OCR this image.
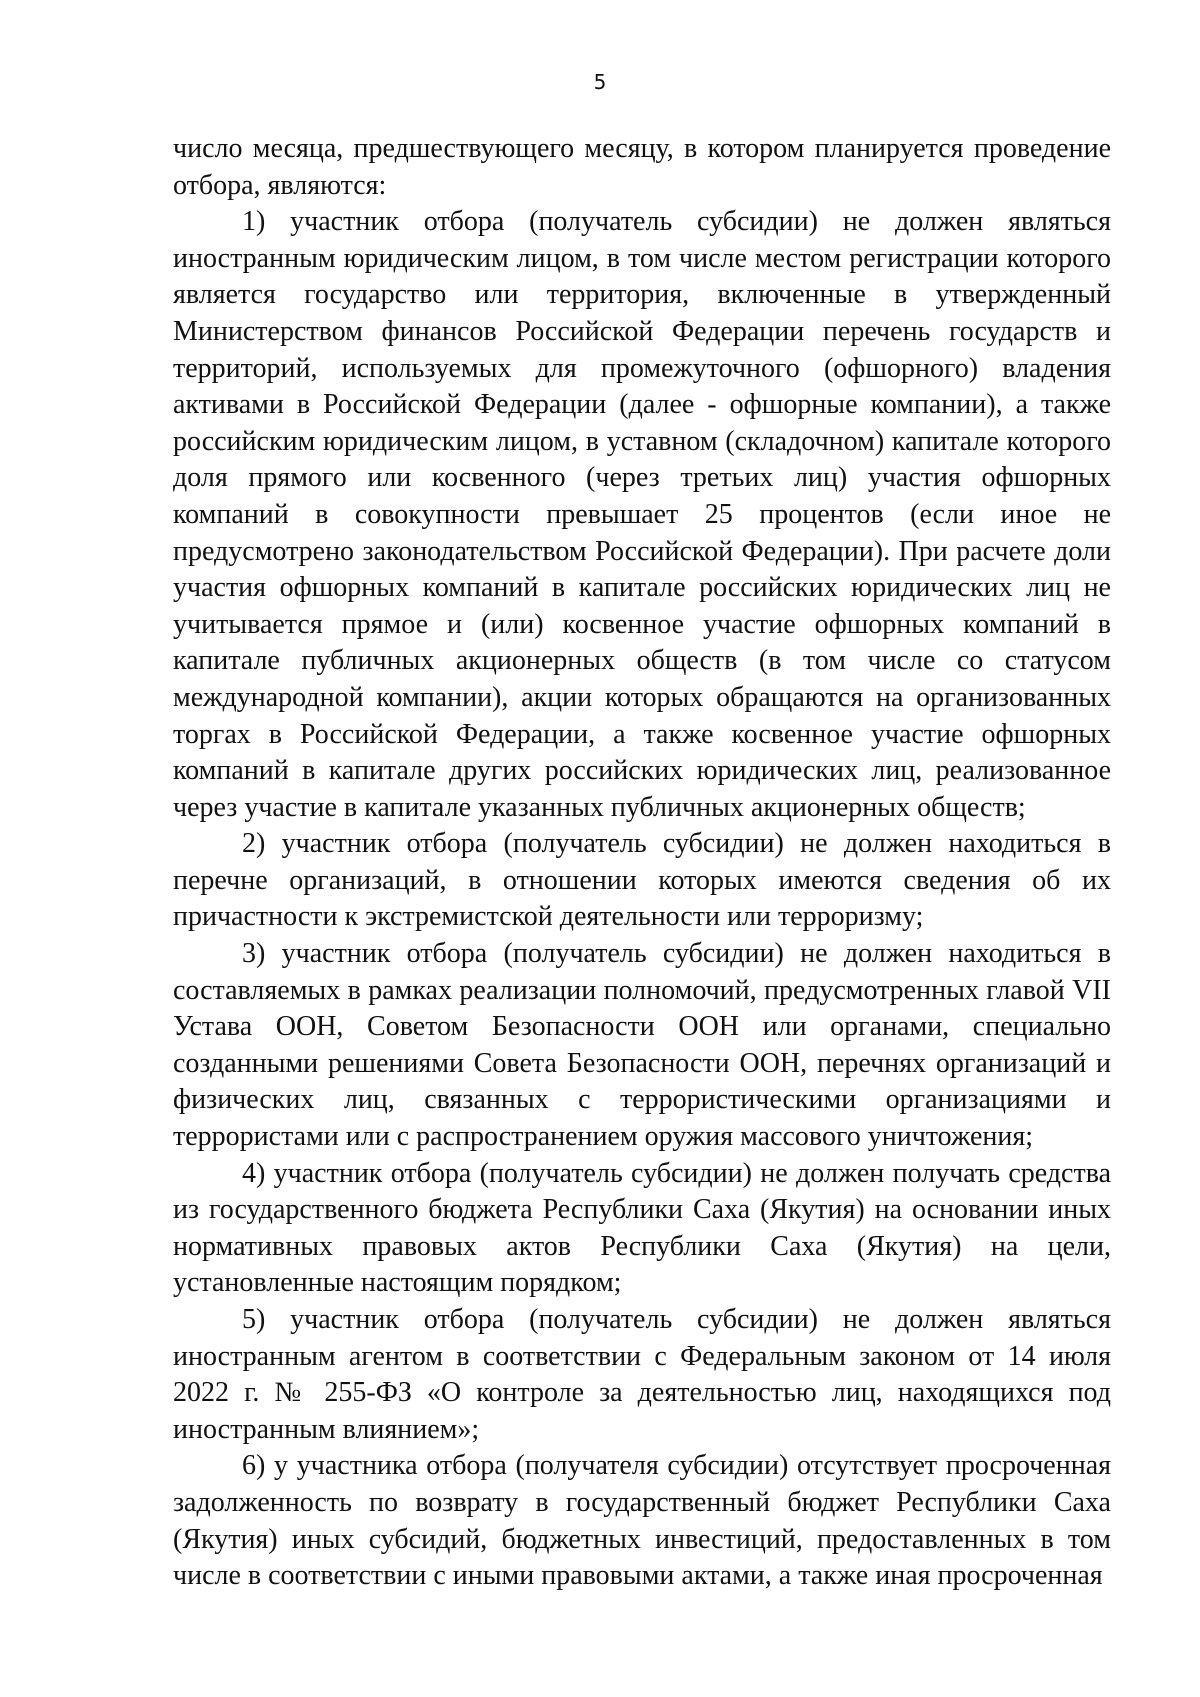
5

число месяца, предшествующего месяцу, в котором планируется проведение отбора, являются:

1) участник отбора (получатель субсидии) не должен являться иностранным юридическим лицом, в том числе местом регистрации которого является государство или территория, включенные в утвержденный Министерством финансов Российской Федерации перечень государств и территорий, используемых для промежуточного (офшорного) владения активами в Российской Федерации (далее - офшорные компании), а также российским юридическим лицом, в уставном (складочном) капитале которого доля прямого или косвенного (через третьих лиц) участия офшорных компаний в совокупности превышает 25 процентов (если иное не предусмотрено законодательством Российской Федерации). При расчете доли участия офшорных компаний в капитале российских юридических лиц не учитывается прямое и (или) косвенное участие офшорных компаний в капитале публичных акционерных обществ (в том числе со статусом международной компании), акции которых обращаются на организованных торгах в Российской Федерации, а также косвенное участие офшорных компаний в капитале других российских юридических лиц, реализованное через участие в капитале указанных публичных акционерных обществ;

2) участник отбора (получатель субсидии) не должен находиться в перечне организаций, в отношении которых имеются сведения об их причастности к экстремистской деятельности или терроризму;

3) участник отбора (получатель субсидии) не должен находиться в составляемых в рамках реализации полномочий, предусмотренных главой VII Устава ООН, Советом Безопасности ООН или органами, специально созданными решениями Совета Безопасности ООН, перечнях организаций и физических лиц, связанных с террористическими организациями и террористами или с распространением оружия массового уничтожения;

4) участник отбора (получатель субсидии) не должен получать средства из государственного бюджета Республики Саха (Якутия) на основании иных нормативных правовых актов Республики Саха (Якутия) на цели, установленные настоящим порядком;

5) участник отбора (получатель субсидии) не должен являться иностранным агентом в соответствии с Федеральным законом от 14 июля 2022 г. № 255-ФЗ «О контроле за деятельностью лиц, находящихся под иностранным влиянием»;

6) у участника отбора (получателя субсидии) отсутствует просроченная задолженность по возврату в государственный бюджет Республики Саха (Якутия) иных субсидий, бюджетных инвестиций, предоставленных в том числе в соответствии с иными правовыми актами, а также иная просроченная
